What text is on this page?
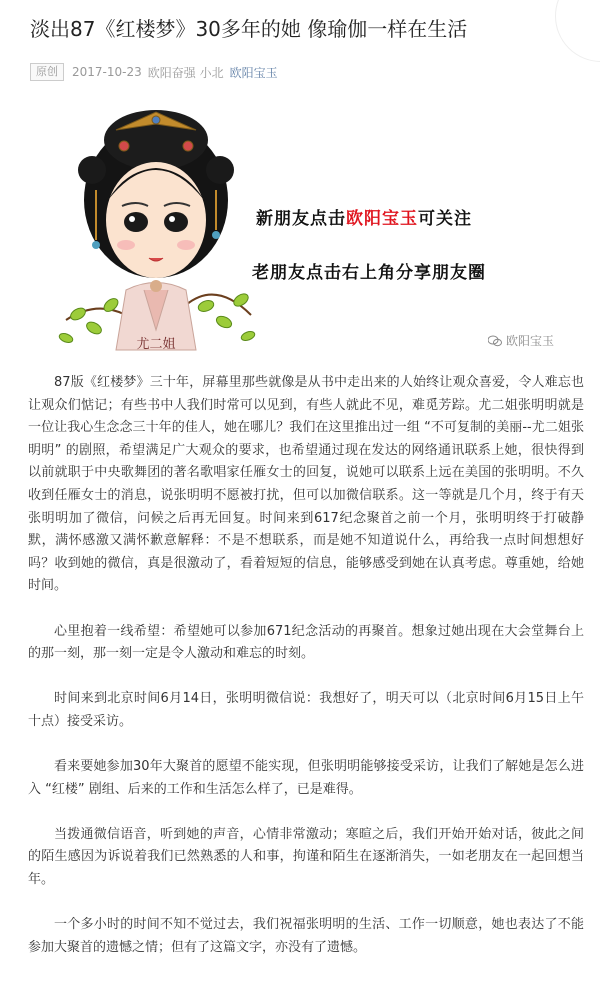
淡出87《红楼梦》30多年的她 像瑜伽一样在生活
原创	2017-10-23 欧阳奋强 小北 欧阳宝玉
尤二姐
新朋友点击欧阳宝玉可关注
老朋友点击右上角分享朋友圈
欧阳宝玉

87版《红楼梦》三十年，屏幕里那些就像是从书中走出来的人始终让观众喜爱，令人难忘也让观众们惦记；有些书中人我们时常可以见到，有些人就此不见，难觅芳踪。尤二姐张明明就是一位让我心生念念三十年的佳人，她在哪儿？我们在这里推出过一组 “不可复制的美丽--尤二姐张明明” 的剧照，希望满足广大观众的要求，也希望通过现在发达的网络通讯联系上她，很快得到以前就职于中央歌舞团的著名歌唱家任雁女士的回复，说她可以联系上远在美国的张明明。不久收到任雁女士的消息，说张明明不愿被打扰，但可以加微信联系。这一等就是几个月，终于有天张明明加了微信，问候之后再无回复。时间来到617纪念聚首之前一个月，张明明终于打破静默，满怀感激又满怀歉意解释：不是不想联系，而是她不知道说什么，再给我一点时间想想好吗？收到她的微信，真是很激动了，看着短短的信息，能够感受到她在认真考虑。尊重她，给她时间。

心里抱着一线希望：希望她可以参加671纪念活动的再聚首。想象过她出现在大会堂舞台上的那一刻，那一刻一定是令人激动和难忘的时刻。

时间来到北京时间6月14日，张明明微信说：我想好了，明天可以（北京时间6月15日上午十点）接受采访。

看来要她参加30年大聚首的愿望不能实现，但张明明能够接受采访，让我们了解她是怎么进入 “红楼” 剧组、后来的工作和生活怎么样了，已是难得。

当拨通微信语音，听到她的声音，心情非常激动；寒暄之后，我们开始开始对话，彼此之间的陌生感因为诉说着我们已然熟悉的人和事，拘谨和陌生在逐渐消失，一如老朋友在一起回想当年。

一个多小时的时间不知不觉过去，我们祝福张明明的生活、工作一切顺意，她也表达了不能参加大聚首的遗憾之情；但有了这篇文字，亦没有了遗憾。
